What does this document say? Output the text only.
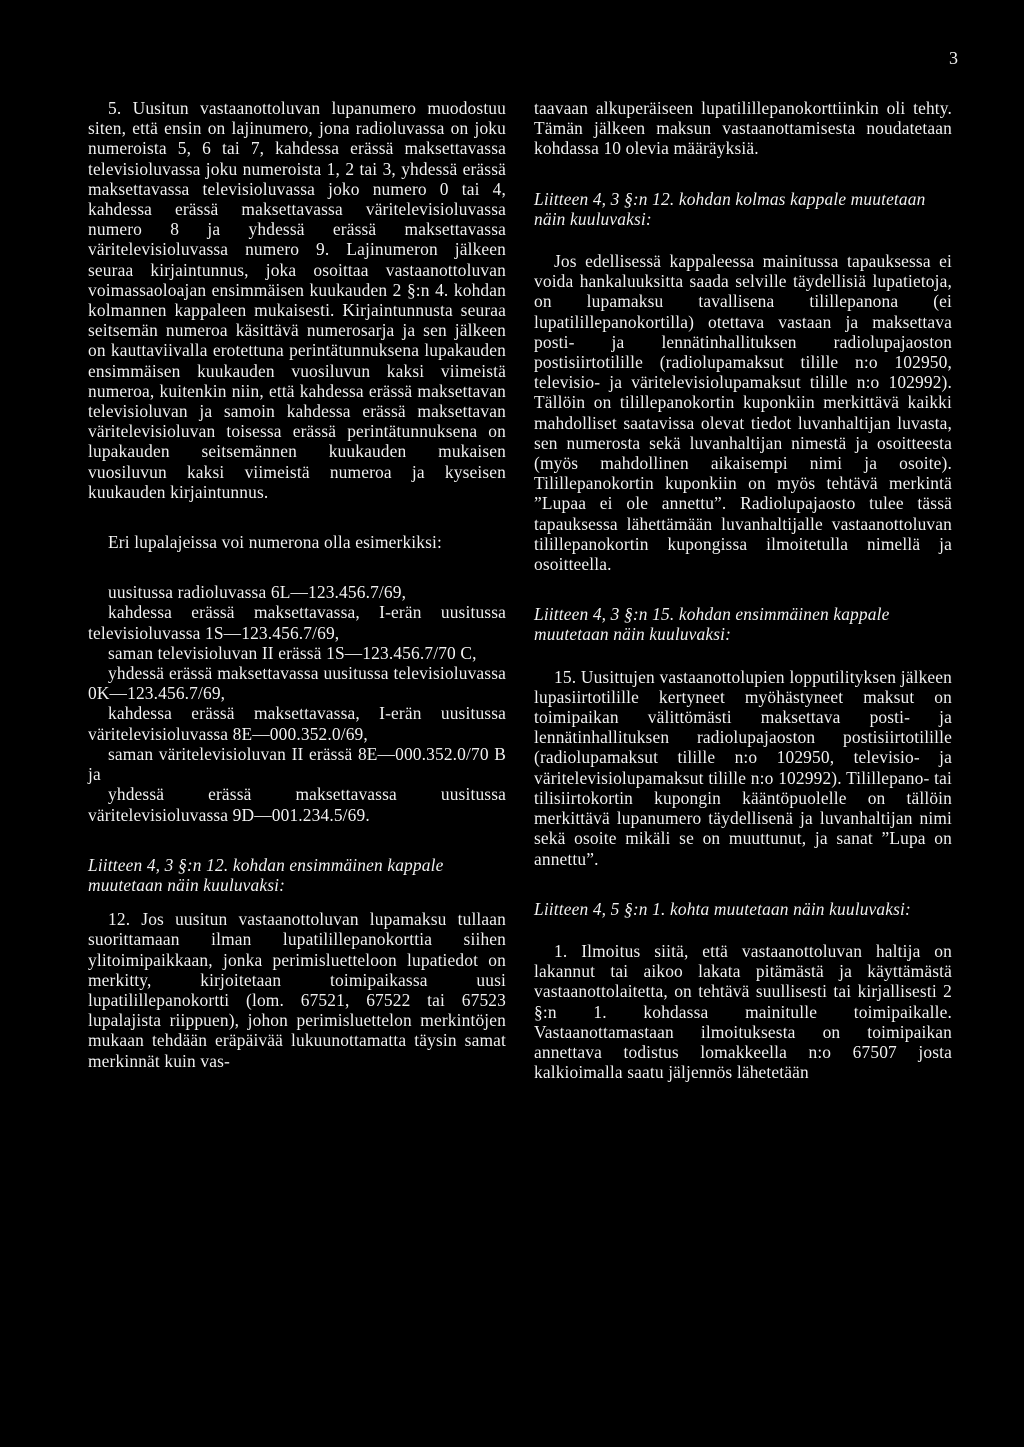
3

5. Uusitun vastaanottoluvan lupanumero muodostuu siten, että ensin on lajinumero, jona radioluvassa on joku numeroista 5, 6 tai 7, kahdessa erässä maksettavassa televisioluvassa joku numeroista 1, 2 tai 3, yhdessä erässä maksettavassa televisioluvassa joko numero 0 tai 4, kahdessa erässä maksettavassa väritelevisioluvassa numero 8 ja yhdessä erässä maksettavassa väritelevisioluvassa numero 9. Lajinumeron jälkeen seuraa kirjaintunnus, joka osoittaa vastaanottoluvan voimassaoloajan ensimmäisen kuukauden 2 §:n 4. kohdan kolmannen kappaleen mukaisesti. Kirjaintunnusta seuraa seitsemän numeroa käsittävä numerosarja ja sen jälkeen on kauttaviivalla erotettuna perintätunnuksena lupakauden ensimmäisen kuukauden vuosiluvun kaksi viimeistä numeroa, kuitenkin niin, että kahdessa erässä maksettavan televisioluvan ja samoin kahdessa erässä maksettavan väritelevisioluvan toisessa erässä perintätunnuksena on lupakauden seitsemännen kuukauden mukaisen vuosiluvun kaksi viimeistä numeroa ja kyseisen kuukauden kirjaintunnus.

Eri lupalajeissa voi numerona olla esimerkiksi:

uusitussa radioluvassa 6L—123.456.7/69,

kahdessa erässä maksettavassa, I-erän uusitussa televisioluvassa 1S—123.456.7/69,

saman televisioluvan II erässä 1S—123.456.7/70 C,

yhdessä erässä maksettavassa uusitussa televisioluvassa 0K—123.456.7/69,

kahdessa erässä maksettavassa, I-erän uusitussa väritelevisioluvassa 8E—000.352.0/69,

saman väritelevisioluvan II erässä 8E—000.352.0/70 B ja

yhdessä erässä maksettavassa uusitussa väritelevisioluvassa 9D—001.234.5/69.

Liitteen 4, 3 §:n 12. kohdan ensimmäinen kappale muutetaan näin kuuluvaksi:

12. Jos uusitun vastaanottoluvan lupamaksu tullaan suorittamaan ilman lupatilillepanokorttia siihen ylitoimipaikkaan, jonka perimisluetteloon lupatiedot on merkitty, kirjoitetaan toimipaikassa uusi lupatilillepanokortti (lom. 67521, 67522 tai 67523 lupalajista riippuen), johon perimisluettelon merkintöjen mukaan tehdään eräpäivää lukuunottamatta täysin samat merkinnät kuin vas-

taavaan alkuperäiseen lupatilillepanokorttiinkin oli tehty. Tämän jälkeen maksun vastaanottamisesta noudatetaan kohdassa 10 olevia määräyksiä.

Liitteen 4, 3 §:n 12. kohdan kolmas kappale muutetaan näin kuuluvaksi:

Jos edellisessä kappaleessa mainitussa tapauksessa ei voida hankaluuksitta saada selville täydellisiä lupatietoja, on lupamaksu tavallisena tilillepanona (ei lupatilillepanokortilla) otettava vastaan ja maksettava posti- ja lennätinhallituksen radiolupajaoston postisiirtotilille (radiolupamaksut tilille n:o 102950, televisio- ja väritelevisiolupamaksut tilille n:o 102992). Tällöin on tilillepanokortin kuponkiin merkittävä kaikki mahdolliset saatavissa olevat tiedot luvanhaltijan luvasta, sen numerosta sekä luvanhaltijan nimestä ja osoitteesta (myös mahdollinen aikaisempi nimi ja osoite). Tilillepanokortin kuponkiin on myös tehtävä merkintä ”Lupaa ei ole annettu”. Radiolupajaosto tulee tässä tapauksessa lähettämään luvanhaltijalle vastaanottoluvan tilillepanokortin kupongissa ilmoitetulla nimellä ja osoitteella.

Liitteen 4, 3 §:n 15. kohdan ensimmäinen kappale muutetaan näin kuuluvaksi:

15. Uusittujen vastaanottolupien lopputilityksen jälkeen lupasiirtotilille kertyneet myöhästyneet maksut on toimipaikan välittömästi maksettava posti- ja lennätinhallituksen radiolupajaoston postisiirtotilille (radiolupamaksut tilille n:o 102950, televisio- ja väritelevisiolupamaksut tilille n:o 102992). Tilillepano- tai tilisiirtokortin kupongin kääntöpuolelle on tällöin merkittävä lupanumero täydellisenä ja luvanhaltijan nimi sekä osoite mikäli se on muuttunut, ja sanat ”Lupa on annettu”.

Liitteen 4, 5 §:n 1. kohta muutetaan näin kuuluvaksi:

1. Ilmoitus siitä, että vastaanottoluvan haltija on lakannut tai aikoo lakata pitämästä ja käyttämästä vastaanottolaitetta, on tehtävä suullisesti tai kirjallisesti 2 §:n 1. kohdassa mainitulle toimipaikalle. Vastaanottamastaan ilmoituksesta on toimipaikan annettava todistus lomakkeella n:o 67507 josta kalkioimalla saatu jäljennös lähetetään
